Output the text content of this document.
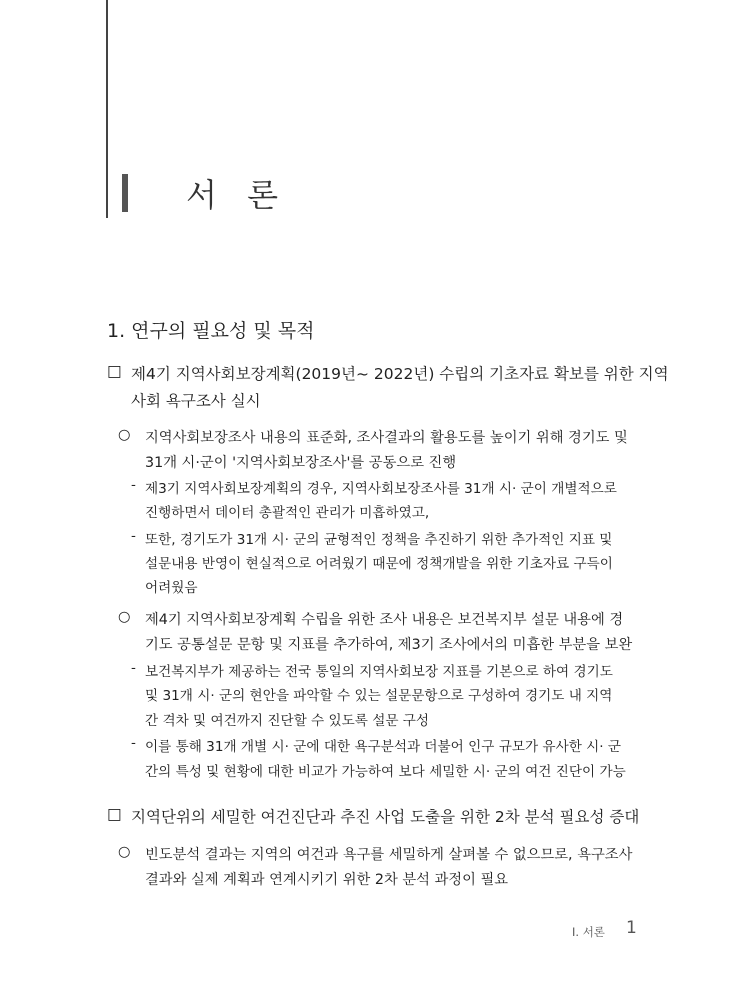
서 론
1. 연구의 필요성 및 목적
□ 제4기 지역사회보장계획(2019년~ 2022년) 수립의 기초자료 확보를 위한 지역
사회 욕구조사 실시
○ 지역사회보장조사 내용의 표준화, 조사결과의 활용도를 높이기 위해 경기도 및
31개 시·군이 '지역사회보장조사'를 공동으로 진행
- 제3기 지역사회보장계획의 경우, 지역사회보장조사를 31개 시· 군이 개별적으로
진행하면서 데이터 총괄적인 관리가 미흡하였고,
- 또한, 경기도가 31개 시· 군의 균형적인 정책을 추진하기 위한 추가적인 지표 및
설문내용 반영이 현실적으로 어려웠기 때문에 정책개발을 위한 기초자료 구득이
어려웠음
○ 제4기 지역사회보장계획 수립을 위한 조사 내용은 보건복지부 설문 내용에 경
기도 공통설문 문항 및 지표를 추가하여, 제3기 조사에서의 미흡한 부분을 보완
- 보건복지부가 제공하는 전국 통일의 지역사회보장 지표를 기본으로 하여 경기도
및 31개 시· 군의 현안을 파악할 수 있는 설문문항으로 구성하여 경기도 내 지역
간 격차 및 여건까지 진단할 수 있도록 설문 구성
- 이를 통해 31개 개별 시· 군에 대한 욕구분석과 더불어 인구 규모가 유사한 시· 군
간의 특성 및 현황에 대한 비교가 가능하여 보다 세밀한 시· 군의 여건 진단이 가능
□ 지역단위의 세밀한 여건진단과 추진 사업 도출을 위한 2차 분석 필요성 증대
○ 빈도분석 결과는 지역의 여건과 욕구를 세밀하게 살펴볼 수 없으므로, 욕구조사
결과와 실제 계획과 연계시키기 위한 2차 분석 과정이 필요
Ⅰ. 서론 1
